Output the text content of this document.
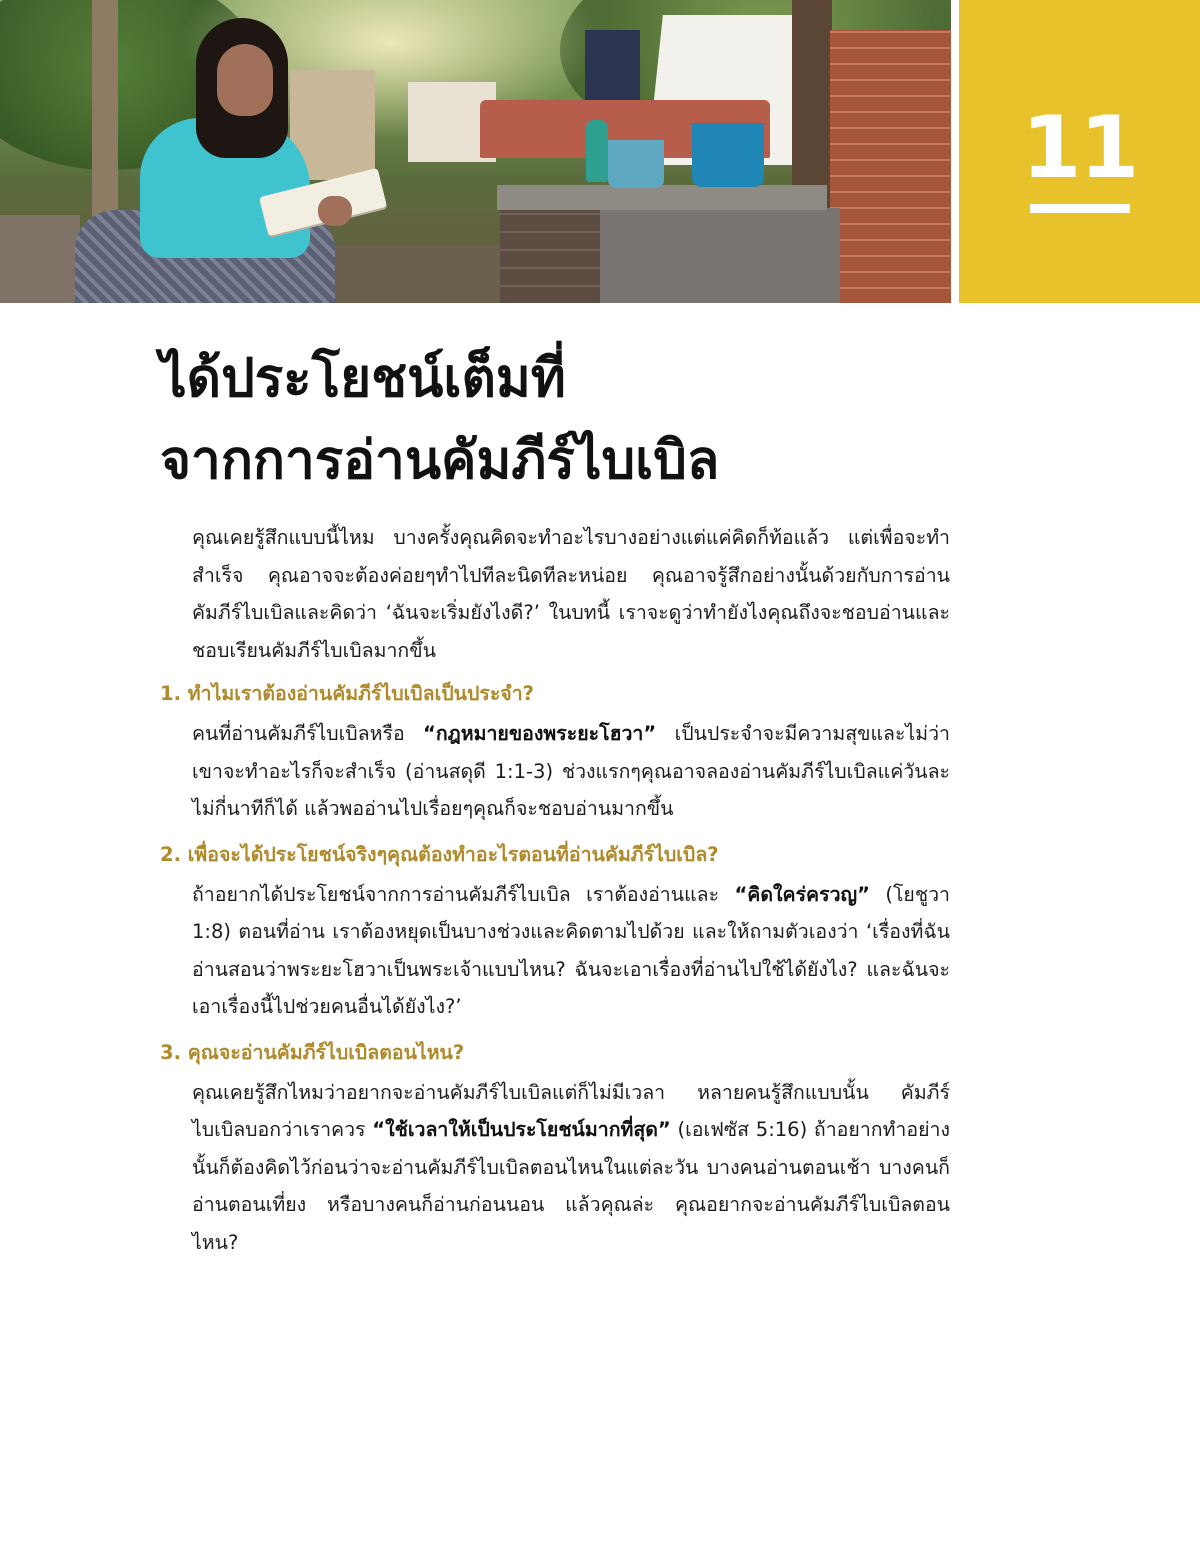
11
ได้ประโยชน์เต็มที่
จากการอ่านคัมภีร์ไบเบิล

คุณเคยรู้สึกแบบนี้ไหม บางครั้งคุณคิดจะทำอะไรบางอย่างแต่แค่คิดก็ท้อแล้ว แต่เพื่อจะทำสำเร็จ คุณอาจจะต้องค่อยๆทำไปทีละนิดทีละหน่อย คุณอาจรู้สึกอย่างนั้นด้วยกับการอ่านคัมภีร์ไบเบิลและคิดว่า ‘ฉันจะเริ่มยังไงดี?’ ในบทนี้ เราจะดูว่าทำยังไงคุณถึงจะชอบอ่านและชอบเรียนคัมภีร์ไบเบิลมากขึ้น

1. ทำไมเราต้องอ่านคัมภีร์ไบเบิลเป็นประจำ?

คนที่อ่านคัมภีร์ไบเบิลหรือ “กฎหมายของพระยะโฮวา” เป็นประจำจะมีความสุขและไม่ว่าเขาจะทำอะไรก็จะสำเร็จ (อ่านสดุดี 1:1-3) ช่วงแรกๆคุณอาจลองอ่านคัมภีร์ไบเบิลแค่วันละไม่กี่นาทีก็ได้ แล้วพออ่านไปเรื่อยๆคุณก็จะชอบอ่านมากขึ้น

2. เพื่อจะได้ประโยชน์จริงๆคุณต้องทำอะไรตอนที่อ่านคัมภีร์ไบเบิล?

ถ้าอยากได้ประโยชน์จากการอ่านคัมภีร์ไบเบิล เราต้องอ่านและ “คิดใคร่ครวญ” (โยชูวา 1:8) ตอนที่อ่าน เราต้องหยุดเป็นบางช่วงและคิดตามไปด้วย และให้ถามตัวเองว่า ‘เรื่องที่ฉันอ่านสอนว่าพระยะโฮวาเป็นพระเจ้าแบบไหน? ฉันจะเอาเรื่องที่อ่านไปใช้ได้ยังไง? และฉันจะเอาเรื่องนี้ไปช่วยคนอื่นได้ยังไง?’

3. คุณจะอ่านคัมภีร์ไบเบิลตอนไหน?

คุณเคยรู้สึกไหมว่าอยากจะอ่านคัมภีร์ไบเบิลแต่ก็ไม่มีเวลา หลายคนรู้สึกแบบนั้น คัมภีร์ไบเบิลบอกว่าเราควร “ใช้เวลาให้เป็นประโยชน์มากที่สุด” (เอเฟซัส 5:16) ถ้าอยากทำอย่างนั้นก็ต้องคิดไว้ก่อนว่าจะอ่านคัมภีร์ไบเบิลตอนไหนในแต่ละวัน บางคนอ่านตอนเช้า บางคนก็อ่านตอนเที่ยง หรือบางคนก็อ่านก่อนนอน แล้วคุณล่ะ คุณอยากจะอ่านคัมภีร์ไบเบิลตอนไหน?
